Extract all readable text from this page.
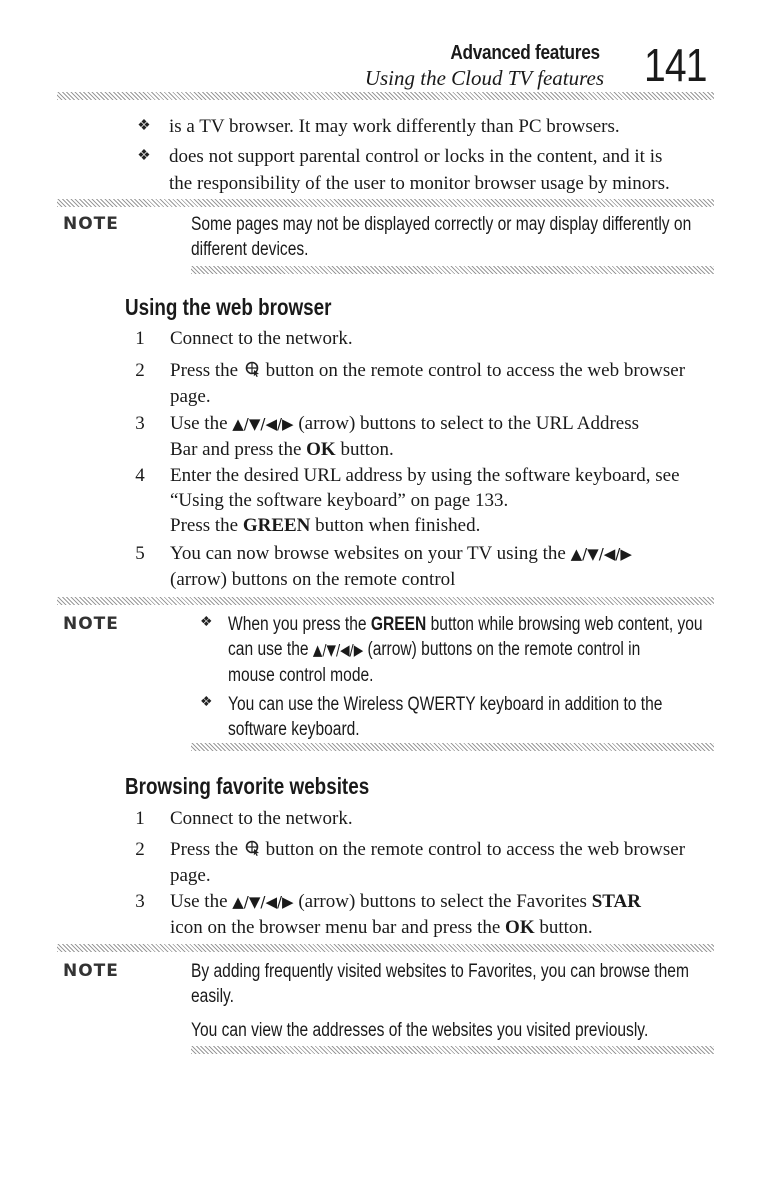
Advanced features
Using the Cloud TV features 141
❖ is a TV browser. It may work differently than PC browsers.
❖ does not support parental control or locks in the content, and it is
the responsibility of the user to monitor browser usage by minors.
NOTE	Some pages may not be displayed correctly or may display differently on
different devices.
Using the web browser
1 Connect to the network.
2 Press the button on the remote control to access the web browser
page.
3 Use the ▲/▼/◀/▶ (arrow) buttons to select to the URL Address
Bar and press the OK button.
4 Enter the desired URL address by using the software keyboard, see
“Using the software keyboard” on page 133.
Press the GREEN button when finished.
5 You can now browse websites on your TV using the ▲/▼/◀/▶
(arrow) buttons on the remote control
NOTE	❖ When you press the GREEN button while browsing web content, you
can use the ▲/▼/◀/▶ (arrow) buttons on the remote control in
mouse control mode.
❖ You can use the Wireless QWERTY keyboard in addition to the
software keyboard.
Browsing favorite websites
1 Connect to the network.
2 Press the button on the remote control to access the web browser
page.
3 Use the ▲/▼/◀/▶ (arrow) buttons to select the Favorites STAR
icon on the browser menu bar and press the OK button.
NOTE	By adding frequently visited websites to Favorites, you can browse them
easily.
You can view the addresses of the websites you visited previously.
